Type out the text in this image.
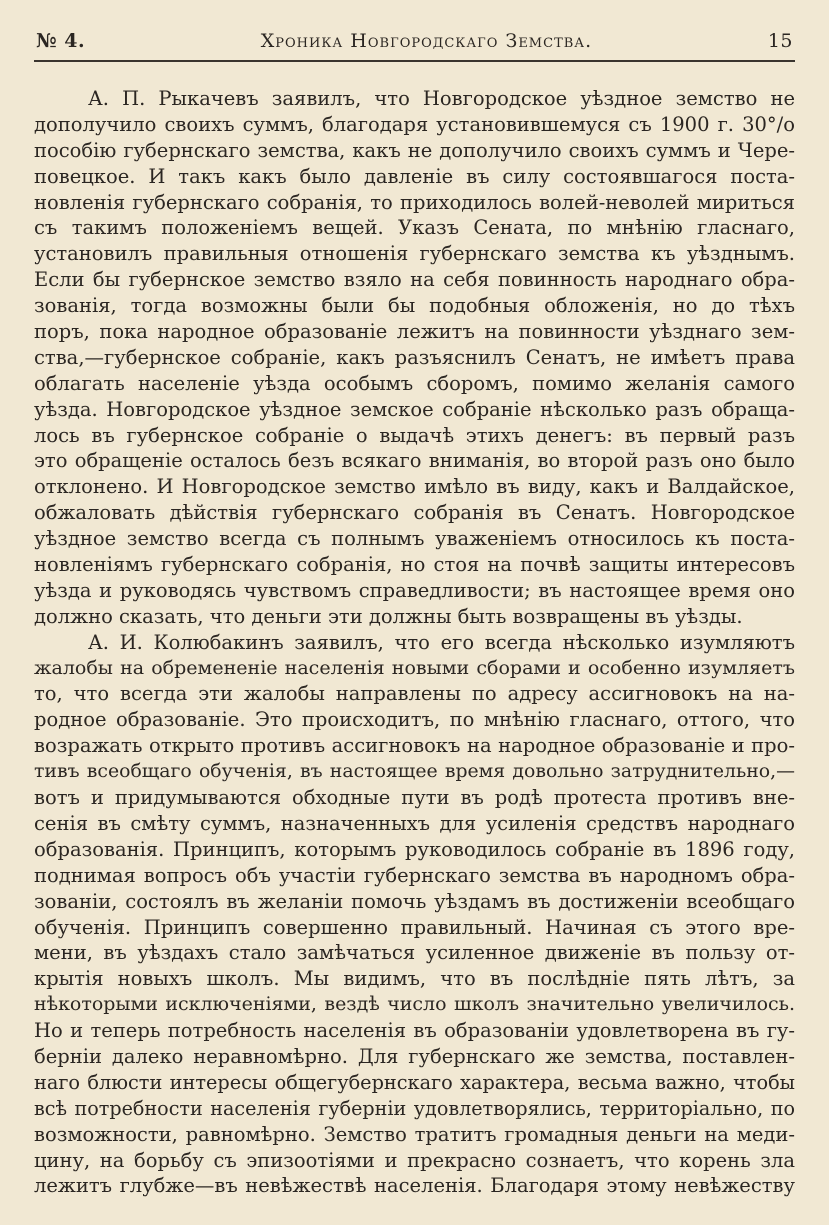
№ 4.	Хроника Новгородскаго Земства.	15
А. П. Рыкачевъ заявилъ, что Новгородское уѣздное земство не
дополучило своихъ суммъ, благодаря установившемуся съ 1900 г. 30°/о
пособію губернскаго земства, какъ не дополучило своихъ суммъ и Чере-
повецкое. И такъ какъ было давленіе въ силу состоявшагося поста-
новленія губернскаго собранія, то приходилось волей-неволей мириться
съ такимъ положеніемъ вещей. Указъ Сената, по мнѣнію гласнаго,
установилъ правильныя отношенія губернскаго земства къ уѣзднымъ.
Если бы губернское земство взяло на себя повинность народнаго обра-
зованія, тогда возможны были бы подобныя обложенія, но до тѣхъ
поръ, пока народное образованіе лежитъ на повинности уѣзднаго зем-
ства,—губернское собраніе, какъ разъяснилъ Сенатъ, не имѣетъ права
облагать населеніе уѣзда особымъ сборомъ, помимо желанія самого
уѣзда. Новгородское уѣздное земское собраніе нѣсколько разъ обраща-
лось въ губернское собраніе о выдачѣ этихъ денегъ: въ первый разъ
это обращеніе осталось безъ всякаго вниманія, во второй разъ оно было
отклонено. И Новгородское земство имѣло въ виду, какъ и Валдайское,
обжаловать дѣйствія губернскаго собранія въ Сенатъ. Новгородское
уѣздное земство всегда съ полнымъ уваженіемъ относилось къ поста-
новленіямъ губернскаго собранія, но стоя на почвѣ защиты интересовъ
уѣзда и руководясь чувствомъ справедливости; въ настоящее время оно
должно сказать, что деньги эти должны быть возвращены въ уѣзды.
А. И. Колюбакинъ заявилъ, что его всегда нѣсколько изумляютъ
жалобы на обремененіе населенія новыми сборами и особенно изумляетъ
то, что всегда эти жалобы направлены по адресу ассигновокъ на на-
родное образованіе. Это происходитъ, по мнѣнію гласнаго, оттого, что
возражать открыто противъ ассигновокъ на народное образованіе и про-
тивъ всеобщаго обученія, въ настоящее время довольно затруднительно,—
вотъ и придумываются обходные пути въ родѣ протеста противъ вне-
сенія въ смѣту суммъ, назначенныхъ для усиленія средствъ народнаго
образованія. Принципъ, которымъ руководилось собраніе въ 1896 году,
поднимая вопросъ объ участіи губернскаго земства въ народномъ обра-
зованіи, состоялъ въ желаніи помочь уѣздамъ въ достиженіи всеобщаго
обученія. Принципъ совершенно правильный. Начиная съ этого вре-
мени, въ уѣздахъ стало замѣчаться усиленное движеніе въ пользу от-
крытія новыхъ школъ. Мы видимъ, что въ послѣдніе пять лѣтъ, за
нѣкоторыми исключеніями, вездѣ число школъ значительно увеличилось.
Но и теперь потребность населенія въ образованіи удовлетворена въ гу-
берніи далеко неравномѣрно. Для губернскаго же земства, поставлен-
наго блюсти интересы общегубернскаго характера, весьма важно, чтобы
всѣ потребности населенія губерніи удовлетворялись, территоріально, по
возможности, равномѣрно. Земство тратитъ громадныя деньги на меди-
цину, на борьбу съ эпизоотіями и прекрасно сознаетъ, что корень зла
лежитъ глубже—въ невѣжествѣ населенія. Благодаря этому невѣжеству
